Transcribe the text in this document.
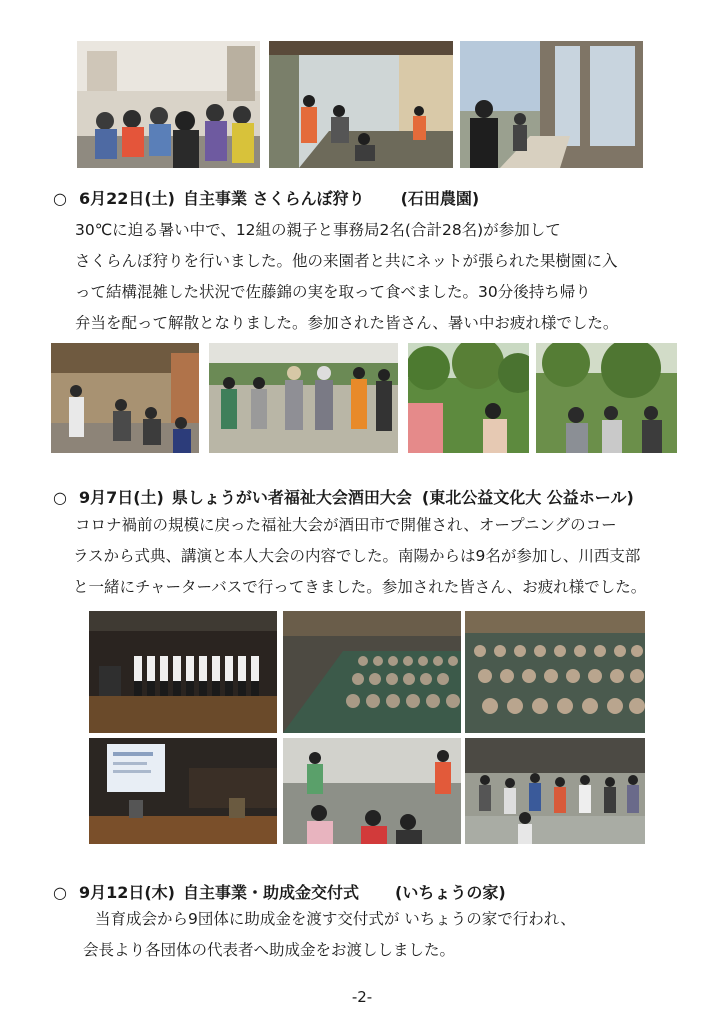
○ 6月22日(土) 自主事業 さくらんぼ狩り (石田農園)
30℃に迫る暑い中で、12組の親子と事務局2名(合計28名)が参加して
さくらんぼ狩りを行いました。他の来園者と共にネットが張られた果樹園に入
って結構混雑した状況で佐藤錦の実を取って食べました。30分後持ち帰り
弁当を配って解散となりました。参加された皆さん、暑い中お疲れ様でした。
○ 9月7日(土) 県しょうがい者福祉大会酒田大会 (東北公益文化大 公益ホール)
コロナ禍前の規模に戻った福祉大会が酒田市で開催され、オープニングのコー
ラスから式典、講演と本人大会の内容でした。南陽からは9名が参加し、川西支部
と一緒にチャーターバスで行ってきました。参加された皆さん、お疲れ様でした。
○ 9月12日(木) 自主事業・助成金交付式 (いちょうの家)
当育成会から9団体に助成金を渡す交付式が いちょうの家で行われ、
会長より各団体の代表者へ助成金をお渡ししました。
-2-
